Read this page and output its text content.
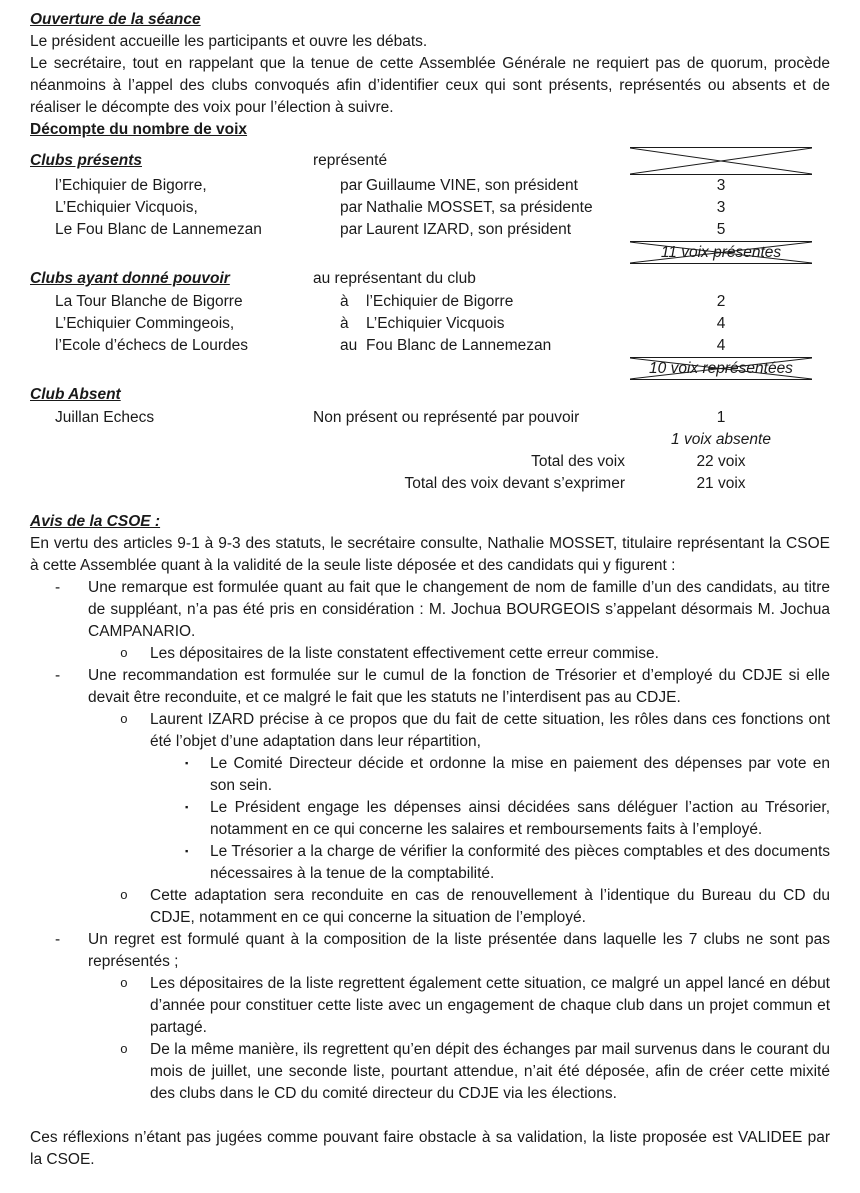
Ouverture de la séance

Le président accueille les participants et ouvre les débats.

Le secrétaire, tout en rappelant que la tenue de cette Assemblée Générale ne requiert pas de quorum, procède néanmoins à l’appel des clubs convoqués afin d’identifier ceux qui sont présents, représentés ou absents et de réaliser le décompte des voix pour l’élection à suivre.

Décompte du nombre de voix
Clubs présents	représenté
l’Echiquier de Bigorre,	par Guillaume VINE, son président	3
L’Echiquier Vicquois,	par Nathalie MOSSET, sa présidente	3
Le Fou Blanc de Lannemezan	par Laurent IZARD, son président	5
11 voix présentes
Clubs ayant donné pouvoir	au représentant du club
La Tour Blanche de Bigorre	à l’Echiquier de Bigorre	2
L’Echiquier Commingeois,	à L’Echiquier Vicquois	4
l’Ecole d’échecs de Lourdes	au Fou Blanc de Lannemezan	4
10 voix représentées
Club Absent
Juillan Echecs	Non présent ou représenté par pouvoir	1
1 voix absente
Total des voix	22 voix
Total des voix devant s’exprimer	21 voix
Avis de la CSOE :

En vertu des articles 9-1 à 9-3 des statuts, le secrétaire consulte, Nathalie MOSSET, titulaire représentant la CSOE à cette Assemblée quant à la validité de la seule liste déposée et des candidats qui y figurent :

- Une remarque est formulée quant au fait que le changement de nom de famille d’un des candidats, au titre de suppléant, n’a pas été pris en considération : M. Jochua BOURGEOIS s’appelant désormais M. Jochua CAMPANARIO.
o Les dépositaires de la liste constatent effectivement cette erreur commise.
- Une recommandation est formulée sur le cumul de la fonction de Trésorier et d’employé du CDJE si elle devait être reconduite, et ce malgré le fait que les statuts ne l’interdisent pas au CDJE.
o Laurent IZARD précise à ce propos que du fait de cette situation, les rôles dans ces fonctions ont été l’objet d’une adaptation dans leur répartition,
▪ Le Comité Directeur décide et ordonne la mise en paiement des dépenses par vote en son sein.
▪ Le Président engage les dépenses ainsi décidées sans déléguer l’action au Trésorier, notamment en ce qui concerne les salaires et remboursements faits à l’employé.
▪ Le Trésorier a la charge de vérifier la conformité des pièces comptables et des documents nécessaires à la tenue de la comptabilité.
o Cette adaptation sera reconduite en cas de renouvellement à l’identique du Bureau du CD du CDJE, notamment en ce qui concerne la situation de l’employé.
- Un regret est formulé quant à la composition de la liste présentée dans laquelle les 7 clubs ne sont pas représentés ;
o Les dépositaires de la liste regrettent également cette situation, ce malgré un appel lancé en début d’année pour constituer cette liste avec un engagement de chaque club dans un projet commun et partagé.
o De la même manière, ils regrettent qu’en dépit des échanges par mail survenus dans le courant du mois de juillet, une seconde liste, pourtant attendue, n’ait été déposée, afin de créer cette mixité des clubs dans le CD du comité directeur du CDJE via les élections.

Ces réflexions n’étant pas jugées comme pouvant faire obstacle à sa validation, la liste proposée est VALIDEE par la CSOE.
